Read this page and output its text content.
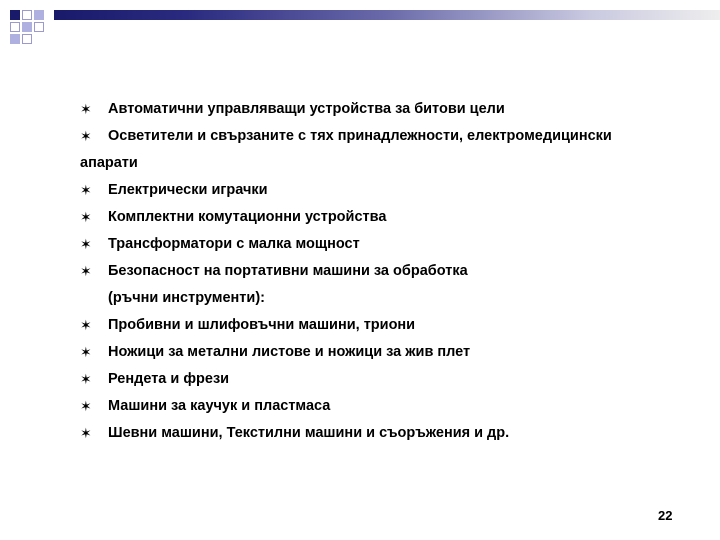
✶	Автоматични управляващи устройства за битови цели
✶	Осветители и свързаните с тях принадлежности, електромедицински
апарати
✶	Електрически играчки
✶	Комплектни комутационни устройства
✶	Трансформатори с малка мощност
✶	Безопасност на портативни машини за обработка
(ръчни инструменти):
✶	Пробивни и шлифовъчни машини, триони
✶	Ножици за метални листове и ножици за жив плет
✶	Рендета и фрези
✶	Машини за каучук и пластмаса
✶	Шевни машини, Текстилни машини и съоръжения и др.
22
